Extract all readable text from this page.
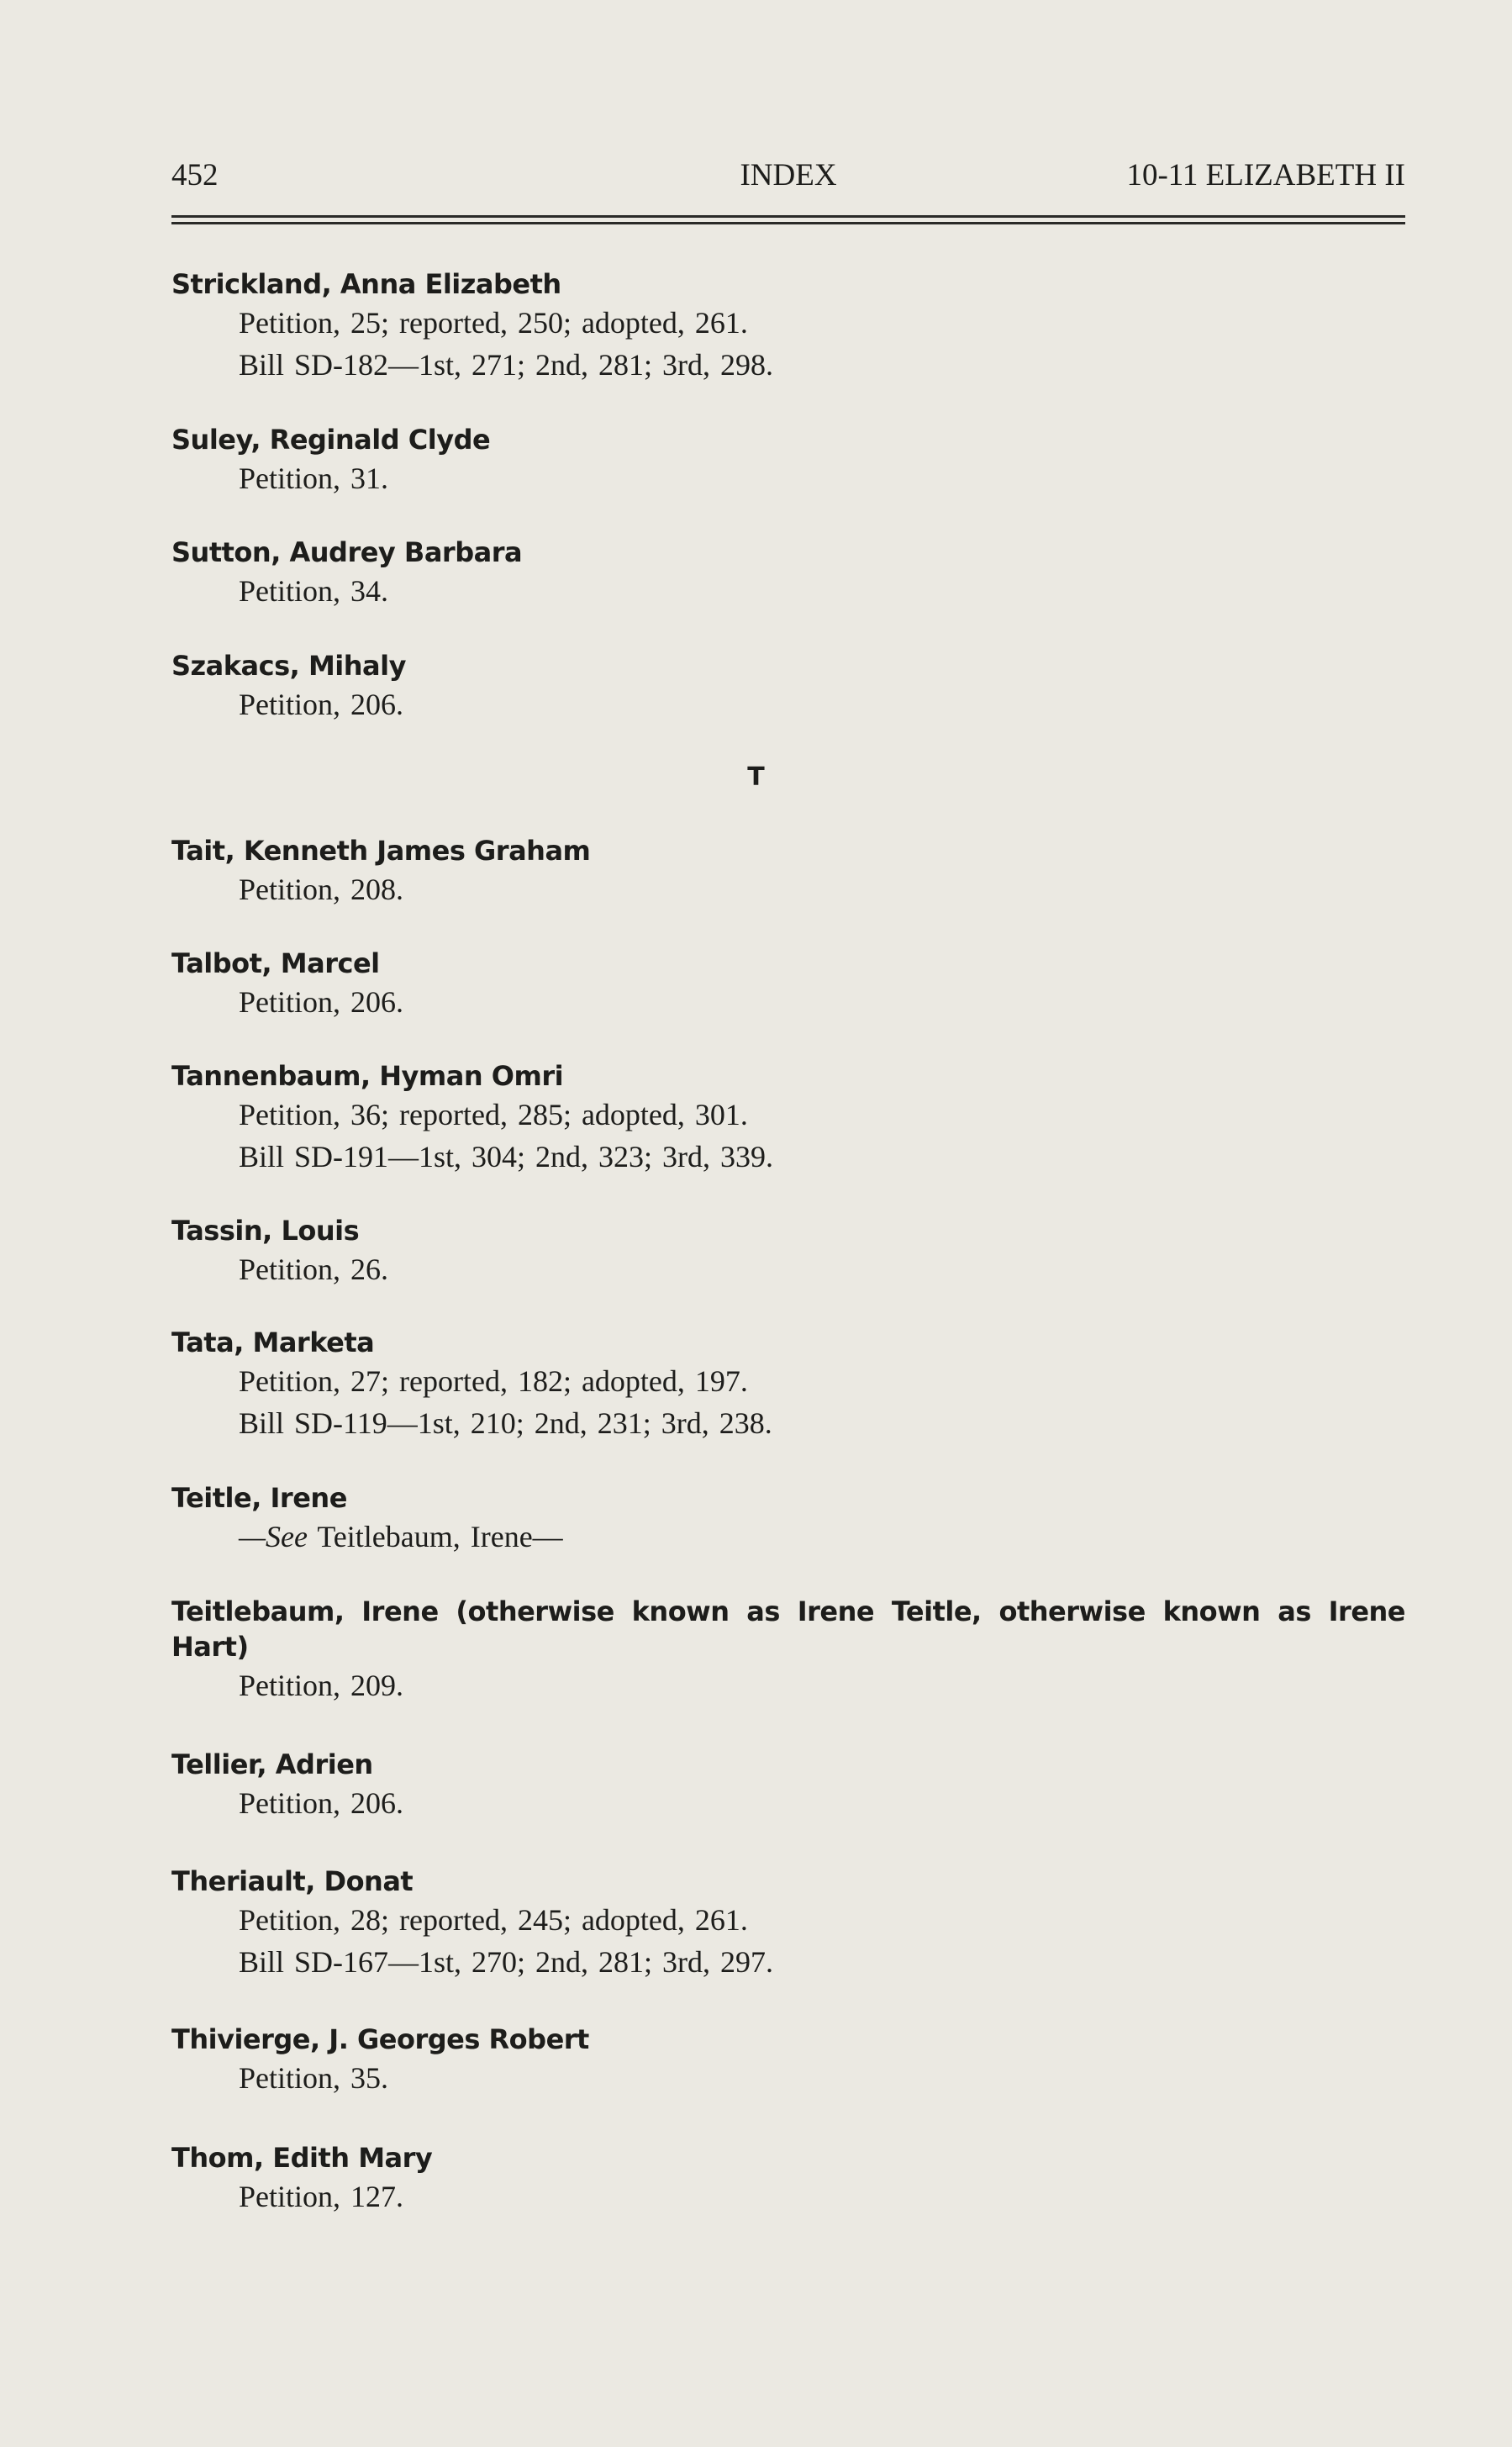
452	INDEX	10-11 ELIZABETH II
Strickland, Anna Elizabeth
Petition, 25; reported, 250; adopted, 261.
Bill SD-182—1st, 271; 2nd, 281; 3rd, 298.
Suley, Reginald Clyde
Petition, 31.
Sutton, Audrey Barbara
Petition, 34.
Szakacs, Mihaly
Petition, 206.
T
Tait, Kenneth James Graham
Petition, 208.
Talbot, Marcel
Petition, 206.
Tannenbaum, Hyman Omri
Petition, 36; reported, 285; adopted, 301.
Bill SD-191—1st, 304; 2nd, 323; 3rd, 339.
Tassin, Louis
Petition, 26.
Tata, Marketa
Petition, 27; reported, 182; adopted, 197.
Bill SD-119—1st, 210; 2nd, 231; 3rd, 238.
Teitle, Irene
—See Teitlebaum, Irene—
Teitlebaum, Irene (otherwise known as Irene Teitle, otherwise known as Irene Hart)
Petition, 209.
Tellier, Adrien
Petition, 206.
Theriault, Donat
Petition, 28; reported, 245; adopted, 261.
Bill SD-167—1st, 270; 2nd, 281; 3rd, 297.
Thivierge, J. Georges Robert
Petition, 35.
Thom, Edith Mary
Petition, 127.
